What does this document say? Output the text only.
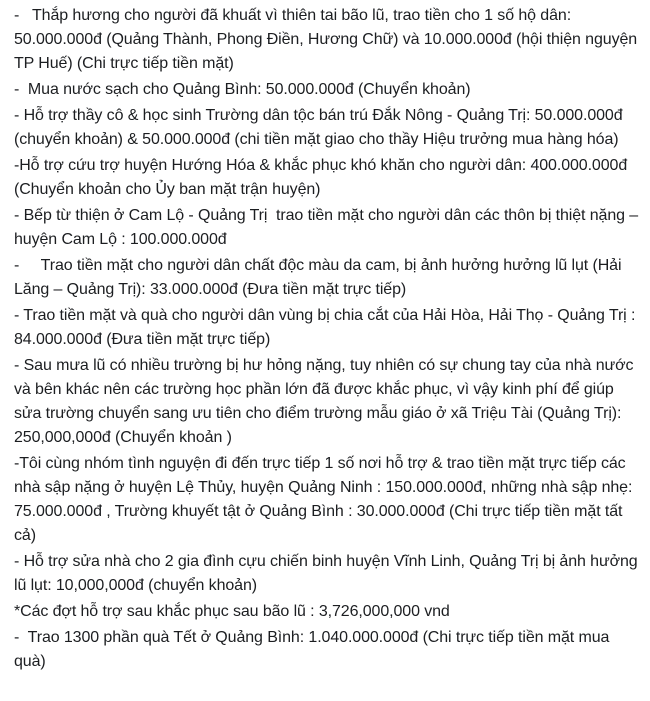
-   Thắp hương cho người đã khuất vì thiên tai bão lũ, trao tiền cho 1 số hộ dân: 50.000.000đ (Quảng Thành, Phong Điền, Hương Chữ) và 10.000.000đ (hội thiện nguyện TP Huế) (Chi trực tiếp tiền mặt)

-  Mua nước sạch cho Quảng Bình: 50.000.000đ (Chuyển khoản)

- Hỗ trợ thầy cô & học sinh Trường dân tộc bán trú Đắk Nông - Quảng Trị: 50.000.000đ (chuyển khoản) & 50.000.000đ (chi tiền mặt giao cho thầy Hiệu trưởng mua hàng hóa)

-Hỗ trợ cứu trợ huyện Hướng Hóa & khắc phục khó khăn cho người dân: 400.000.000đ (Chuyển khoản cho Ủy ban mặt trận huyện)

- Bếp từ thiện ở Cam Lộ - Quảng Trị  trao tiền mặt cho người dân các thôn bị thiệt nặng – huyện Cam Lộ : 100.000.000đ

-     Trao tiền mặt cho người dân chất độc màu da cam, bị ảnh hưởng hưởng lũ lụt (Hải Lăng – Quảng Trị): 33.000.000đ (Đưa tiền mặt trực tiếp)

- Trao tiền mặt và quà cho người dân vùng bị chia cắt của Hải Hòa, Hải Thọ - Quảng Trị : 84.000.000đ (Đưa tiền mặt trực tiếp)

- Sau mưa lũ có nhiều trường bị hư hỏng nặng, tuy nhiên có sự chung tay của nhà nước và bên khác nên các trường học phần lớn đã được khắc phục, vì vậy kinh phí để giúp sửa trường chuyển sang ưu tiên cho điểm trường mẫu giáo ở xã Triệu Tài (Quảng Trị): 250,000,000đ (Chuyển khoản )

-Tôi cùng nhóm tình nguyện đi đến trực tiếp 1 số nơi hỗ trợ & trao tiền mặt trực tiếp các nhà sập nặng ở huyện Lệ Thủy, huyện Quảng Ninh : 150.000.000đ, những nhà sập nhẹ: 75.000.000đ , Trường khuyết tật ở Quảng Bình : 30.000.000đ (Chi trực tiếp tiền mặt tất cả)

- Hỗ trợ sửa nhà cho 2 gia đình cựu chiến binh huyện Vĩnh Linh, Quảng Trị bị ảnh hưởng lũ lụt: 10,000,000đ (chuyển khoản)

*Các đợt hỗ trợ sau khắc phục sau bão lũ : 3,726,000,000 vnd

-  Trao 1300 phần quà Tết ở Quảng Bình: 1.040.000.000đ (Chi trực tiếp tiền mặt mua quà)
